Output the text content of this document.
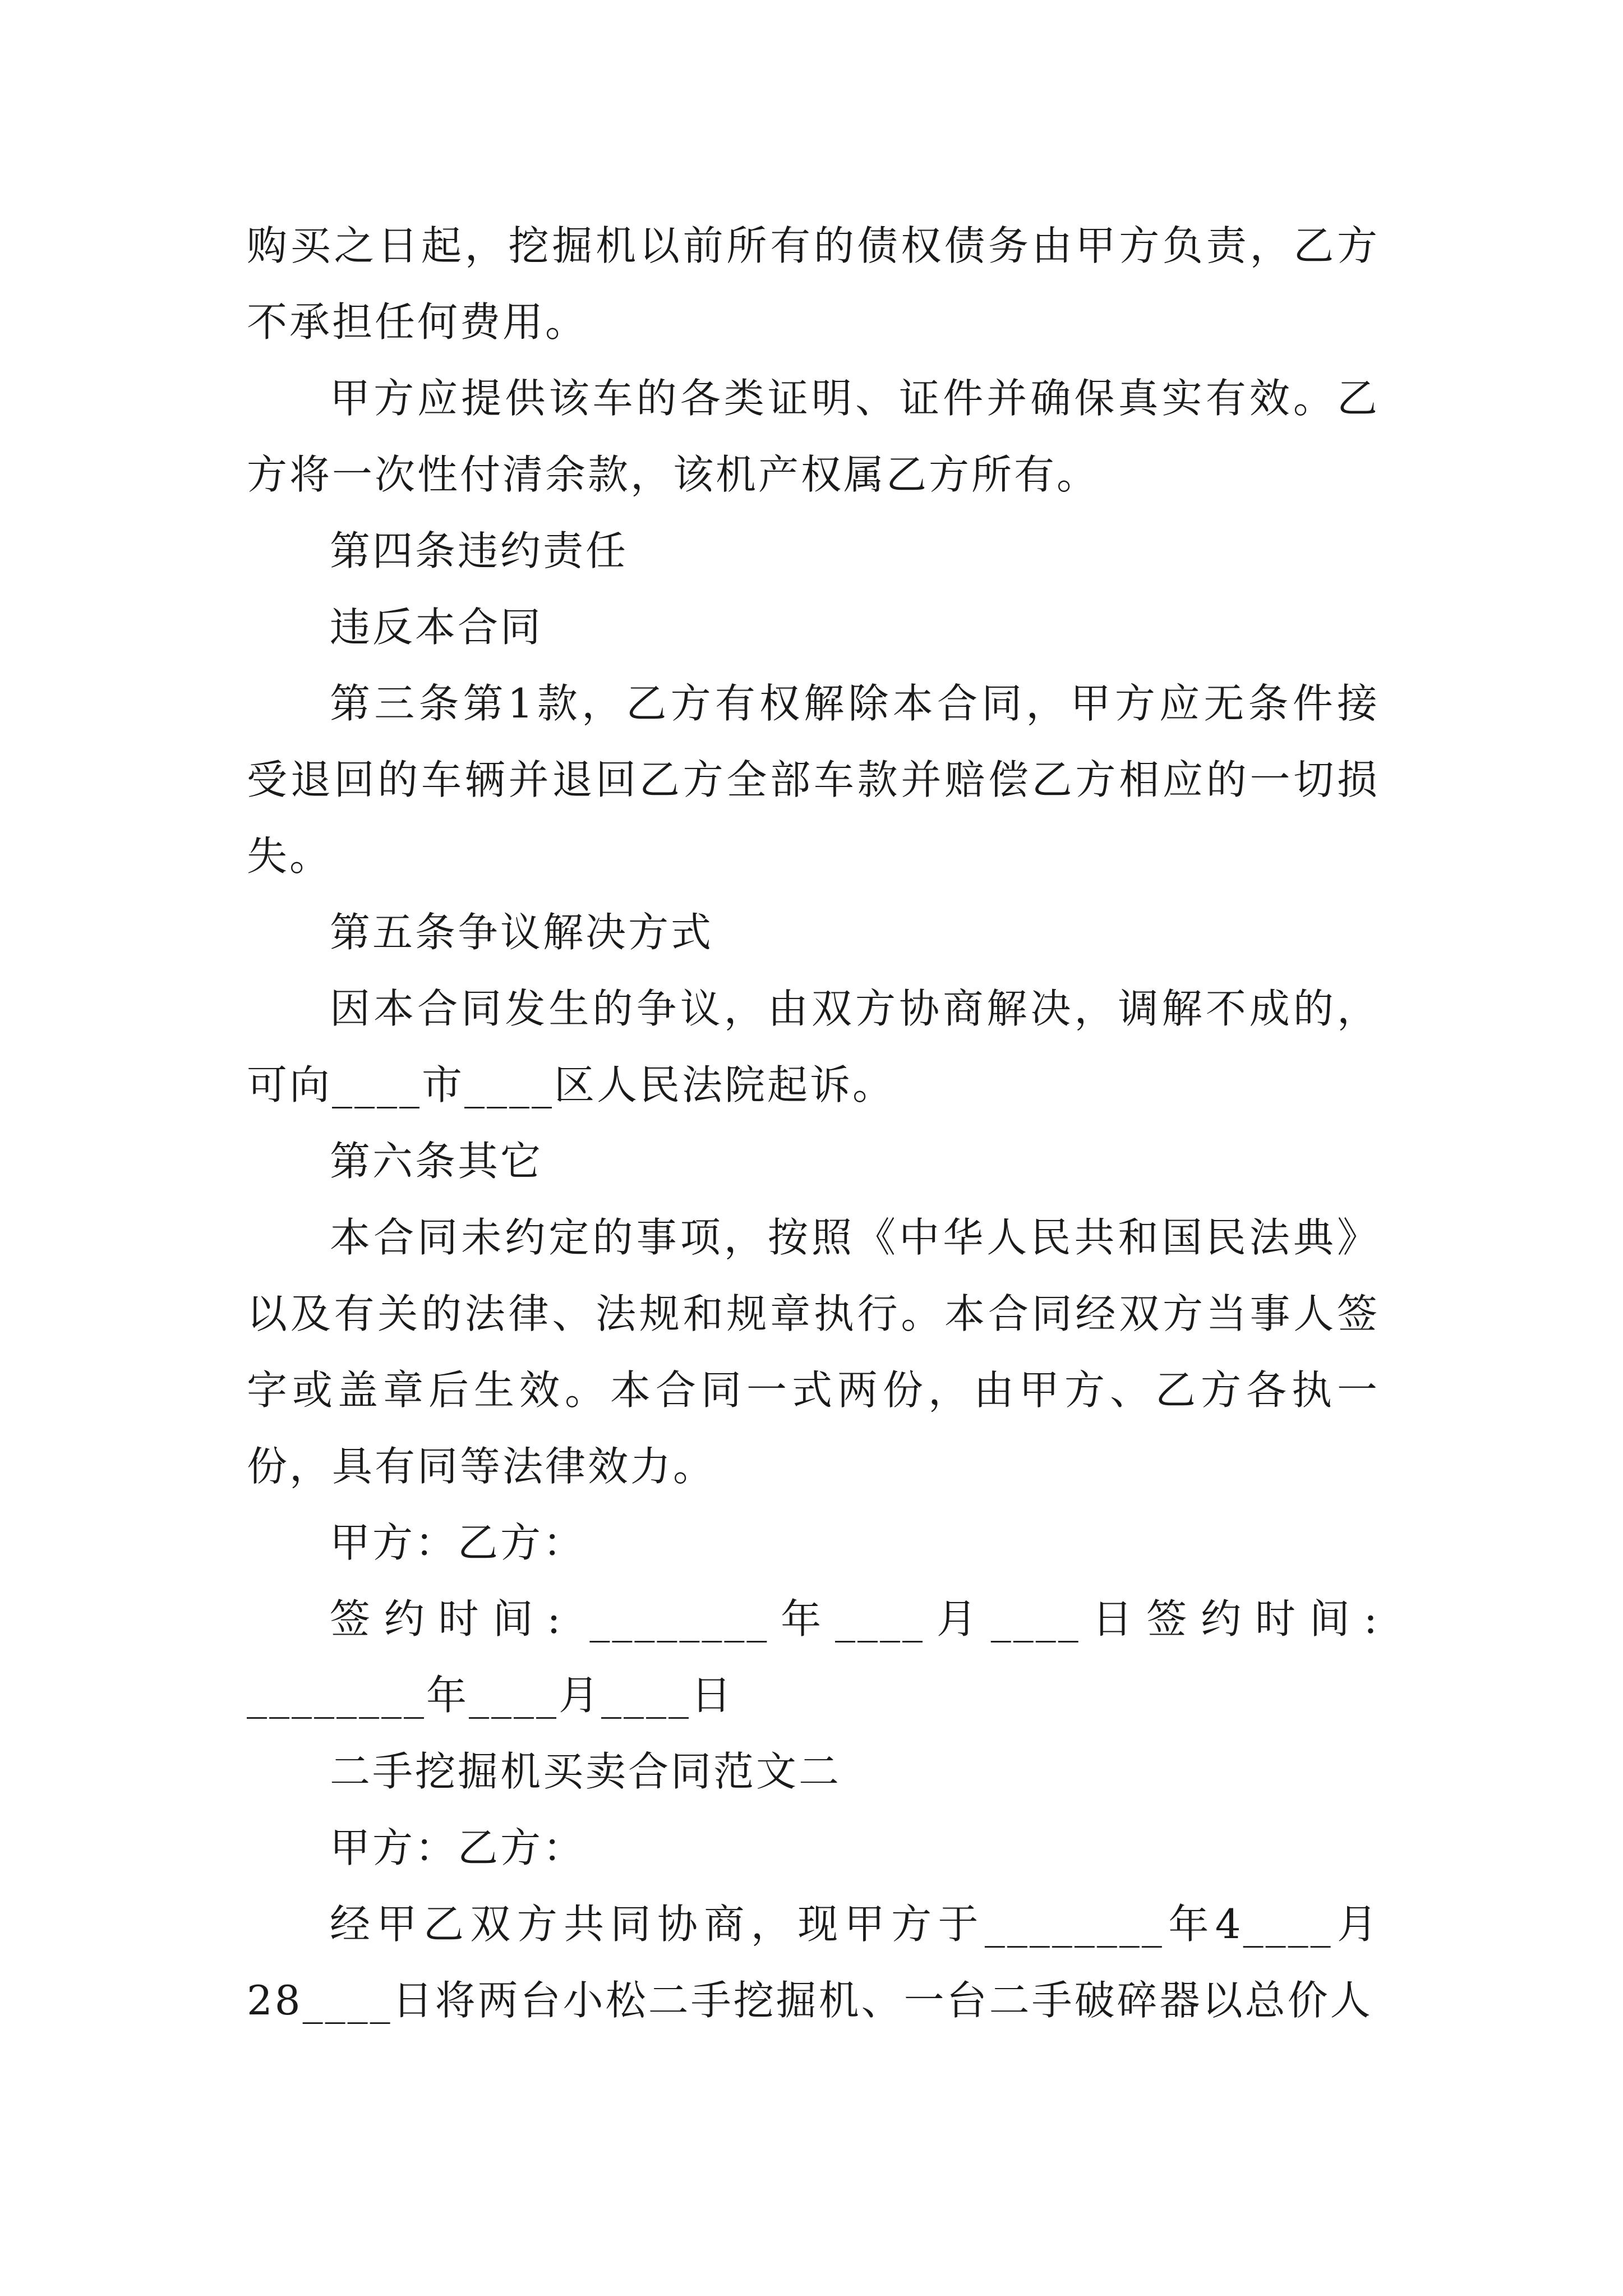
购买之日起，挖掘机以前所有的债权债务由甲方负责，乙方不承担任何费用。

甲方应提供该车的各类证明、证件并确保真实有效。乙方将一次性付清余款，该机产权属乙方所有。

第四条违约责任

违反本合同

第三条第1款，乙方有权解除本合同，甲方应无条件接受退回的车辆并退回乙方全部车款并赔偿乙方相应的一切损失。

第五条争议解决方式

因本合同发生的争议，由双方协商解决，调解不成的，可向____市____区人民法院起诉。

第六条其它

本合同未约定的事项，按照《中华人民共和国民法典》以及有关的法律、法规和规章执行。本合同经双方当事人签字或盖章后生效。本合同一式两份，由甲方、乙方各执一份，具有同等法律效力。

甲方：乙方：

签约时间: ________年____月____日签约时间: ________年____月____日

二手挖掘机买卖合同范文二

甲方：乙方：

经甲乙双方共同协商，现甲方于________年4____月28____日将两台小松二手挖掘机、一台二手破碎器以总价人
